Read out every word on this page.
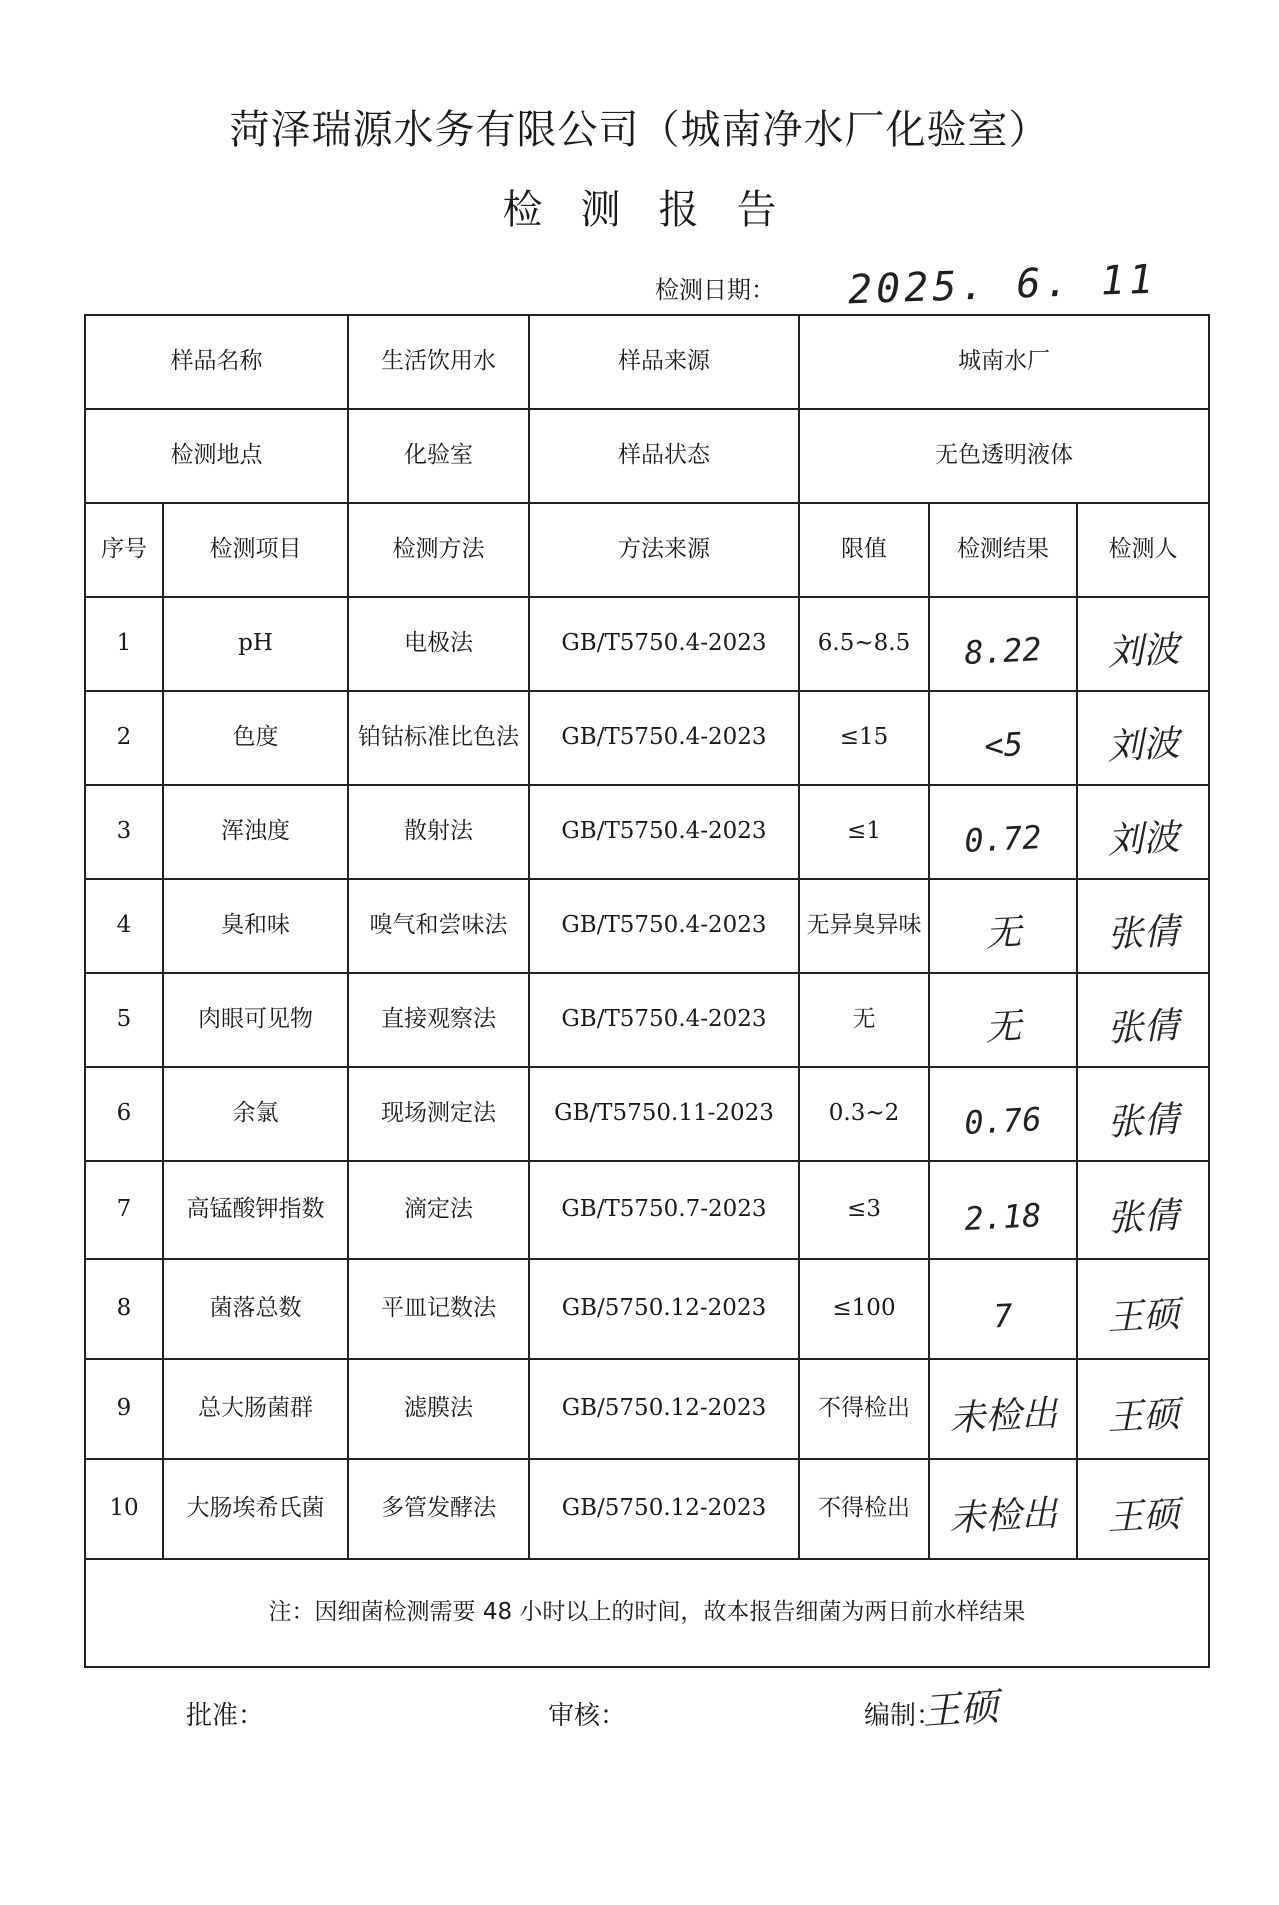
菏泽瑞源水务有限公司（城南净水厂化验室）
检测报告
检测日期： 2025. 6. 11
样品名称		生活饮用水	样品来源	城南水厂		
检测地点		化验室	样品状态	无色透明液体		
序号	检测项目	检测方法	方法来源	限值	检测结果	检测人
1	pH	电极法	GB/T5750.4-2023	6.5~8.5	8.22	刘波
2	色度	铂钴标准比色法	GB/T5750.4-2023	≤15	<5	刘波
3	浑浊度	散射法	GB/T5750.4-2023	≤1	0.72	刘波
4	臭和味	嗅气和尝味法	GB/T5750.4-2023	无异臭异味	无	张倩
5	肉眼可见物	直接观察法	GB/T5750.4-2023	无	无	张倩
6	余氯	现场测定法	GB/T5750.11-2023	0.3~2	0.76	张倩
7	高锰酸钾指数	滴定法	GB/T5750.7-2023	≤3	2.18	张倩
8	菌落总数	平皿记数法	GB/5750.12-2023	≤100	7	王硕
9	总大肠菌群	滤膜法	GB/5750.12-2023	不得检出	未检出	王硕
10	大肠埃希氏菌	多管发酵法	GB/5750.12-2023	不得检出	未检出	王硕
注：因细菌检测需要 48 小时以上的时间，故本报告细菌为两日前水样结果						
批准：	审核：	编制：
王硕
